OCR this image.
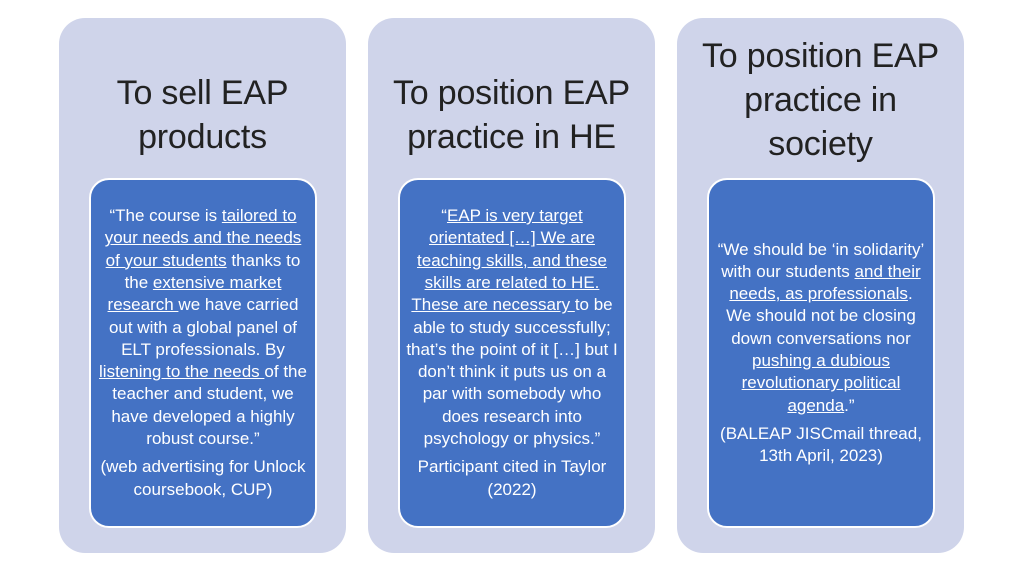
To sell EAP
products

“The course is tailored to your needs and the needs of your students thanks to the extensive market research we have carried out with a global panel of ELT professionals. By listening to the needs of the teacher and student, we have developed a highly robust course.”

(web advertising for Unlock coursebook, CUP)

To position EAP
practice in HE

“EAP is very target orientated […] We are teaching skills, and these skills are related to HE. These are necessary to be able to study successfully; that’s the point of it […] but I don’t think it puts us on a par with somebody who does research into psychology or physics.”

Participant cited in Taylor (2022)

To position EAP
practice in
society

“We should be ‘in solidarity’ with our students and their needs, as professionals. We should not be closing down conversations nor pushing a dubious revolutionary political agenda.”

(BALEAP JISCmail thread, 13th April, 2023)
